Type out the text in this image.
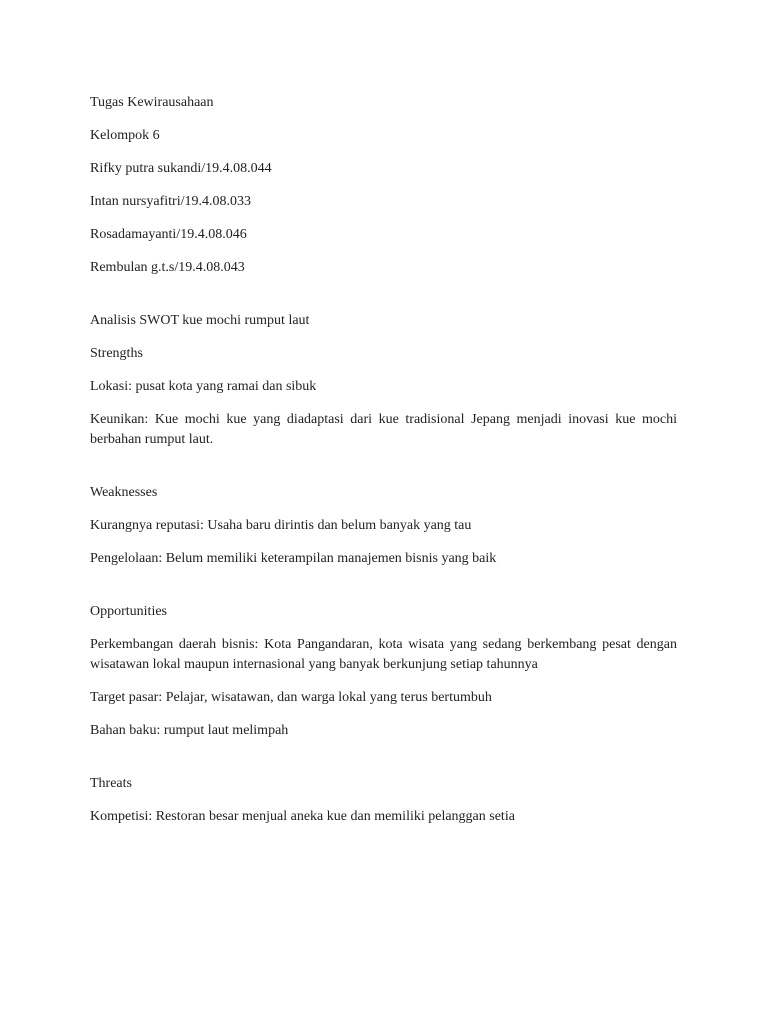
Tugas Kewirausahaan

Kelompok 6

Rifky putra sukandi/19.4.08.044

Intan nursyafitri/19.4.08.033

Rosadamayanti/19.4.08.046

Rembulan g.t.s/19.4.08.043

Analisis SWOT kue mochi rumput laut

Strengths

Lokasi: pusat kota yang ramai dan sibuk

Keunikan: Kue mochi kue yang diadaptasi dari kue tradisional Jepang menjadi inovasi kue mochi berbahan rumput laut.

Weaknesses

Kurangnya reputasi: Usaha baru dirintis dan belum banyak yang tau

Pengelolaan: Belum memiliki keterampilan manajemen bisnis yang baik

Opportunities

Perkembangan daerah bisnis: Kota Pangandaran, kota wisata yang sedang berkembang pesat dengan wisatawan lokal maupun internasional yang banyak berkunjung setiap tahunnya

Target pasar: Pelajar, wisatawan, dan warga lokal yang terus bertumbuh

Bahan baku: rumput laut melimpah

Threats

Kompetisi: Restoran besar menjual aneka kue dan memiliki pelanggan setia
